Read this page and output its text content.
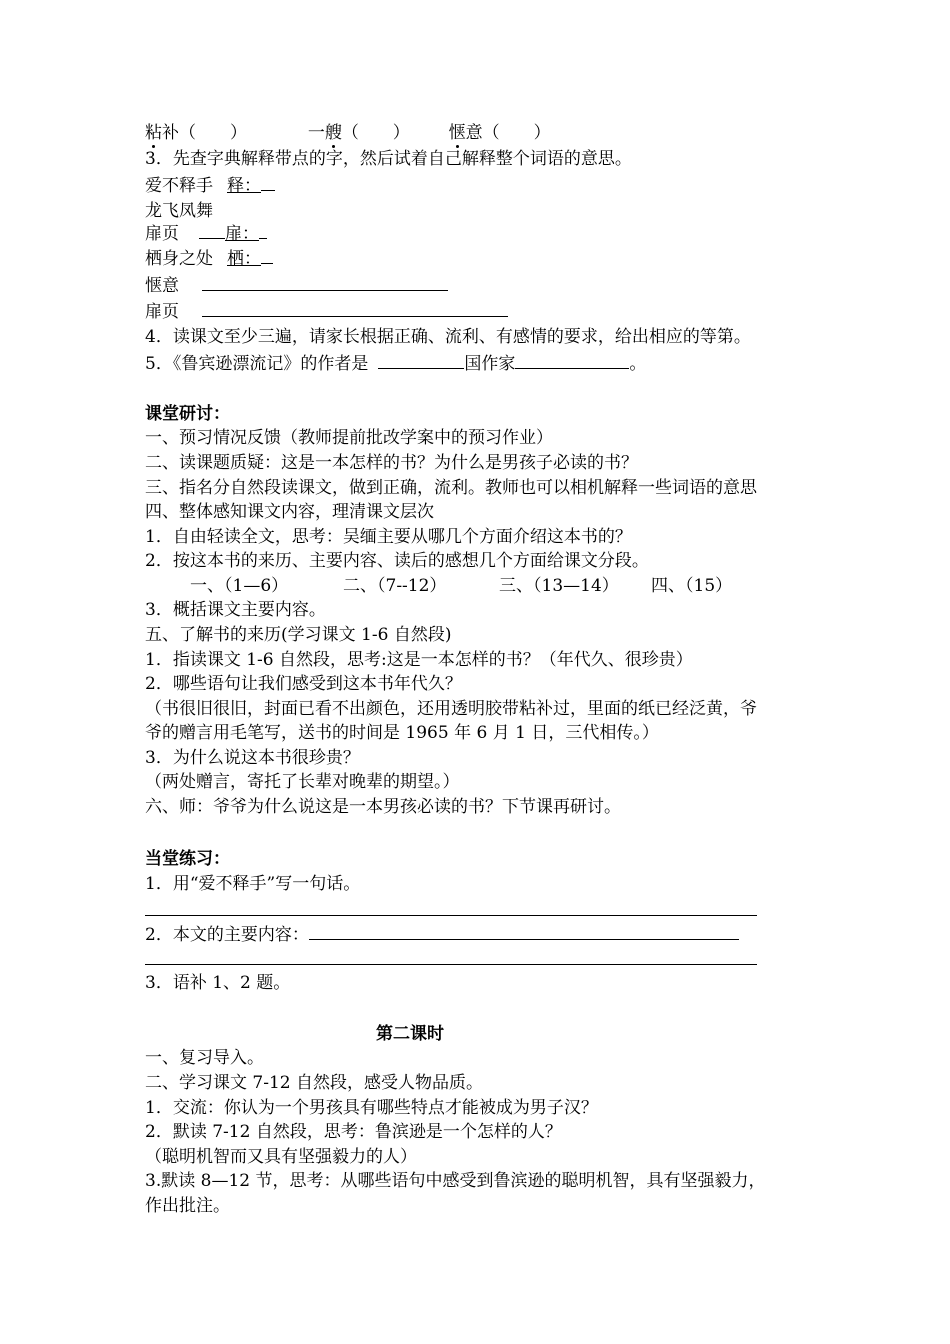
粘补（　　）	一艘（　　） 惬意（　　）
3．先查字典解释带点的字，然后试着自己解释整个词语的意思。
爱不释手 释：
龙飞凤舞
扉页	扉：
栖身之处 栖：
惬意
扉页
4．读课文至少三遍，请家长根据正确、流利、有感情的要求，给出相应的等第。
5．《鲁宾逊漂流记》的作者是	国作家	。
课堂研讨：
一、预习情况反馈（教师提前批改学案中的预习作业）
二、读课题质疑：这是一本怎样的书？为什么是男孩子必读的书？
三、指名分自然段读课文，做到正确，流利。教师也可以相机解释一些词语的意思
四、整体感知课文内容，理清课文层次
1．自由轻读全文，思考：吴缅主要从哪几个方面介绍这本书的？
2．按这本书的来历、主要内容、读后的感想几个方面给课文分段。
一、（1—6）	二、（7--12）	三、（13—14） 四、（15）
3．概括课文主要内容。
五、了解书的来历(学习课文 1-6 自然段)
1．指读课文 1-6 自然段，思考:这是一本怎样的书？（年代久、很珍贵）
2．哪些语句让我们感受到这本书年代久？
（书很旧很旧，封面已看不出颜色，还用透明胶带粘补过，里面的纸已经泛黄，爷
爷的赠言用毛笔写，送书的时间是 1965 年 6 月 1 日，三代相传。）
3．为什么说这本书很珍贵？
（两处赠言，寄托了长辈对晚辈的期望。）
六、师：爷爷为什么说这是一本男孩必读的书？下节课再研讨。
当堂练习：
1．用“爱不释手”写一句话。
2．本文的主要内容：
3．语补 1、2 题。
第二课时
一、复习导入。
二、学习课文 7-12 自然段，感受人物品质。
1．交流：你认为一个男孩具有哪些特点才能被成为男子汉？
2．默读 7-12 自然段，思考：鲁滨逊是一个怎样的人？
（聪明机智而又具有坚强毅力的人）
3.默读 8—12 节，思考：从哪些语句中感受到鲁滨逊的聪明机智，具有坚强毅力，
作出批注。
